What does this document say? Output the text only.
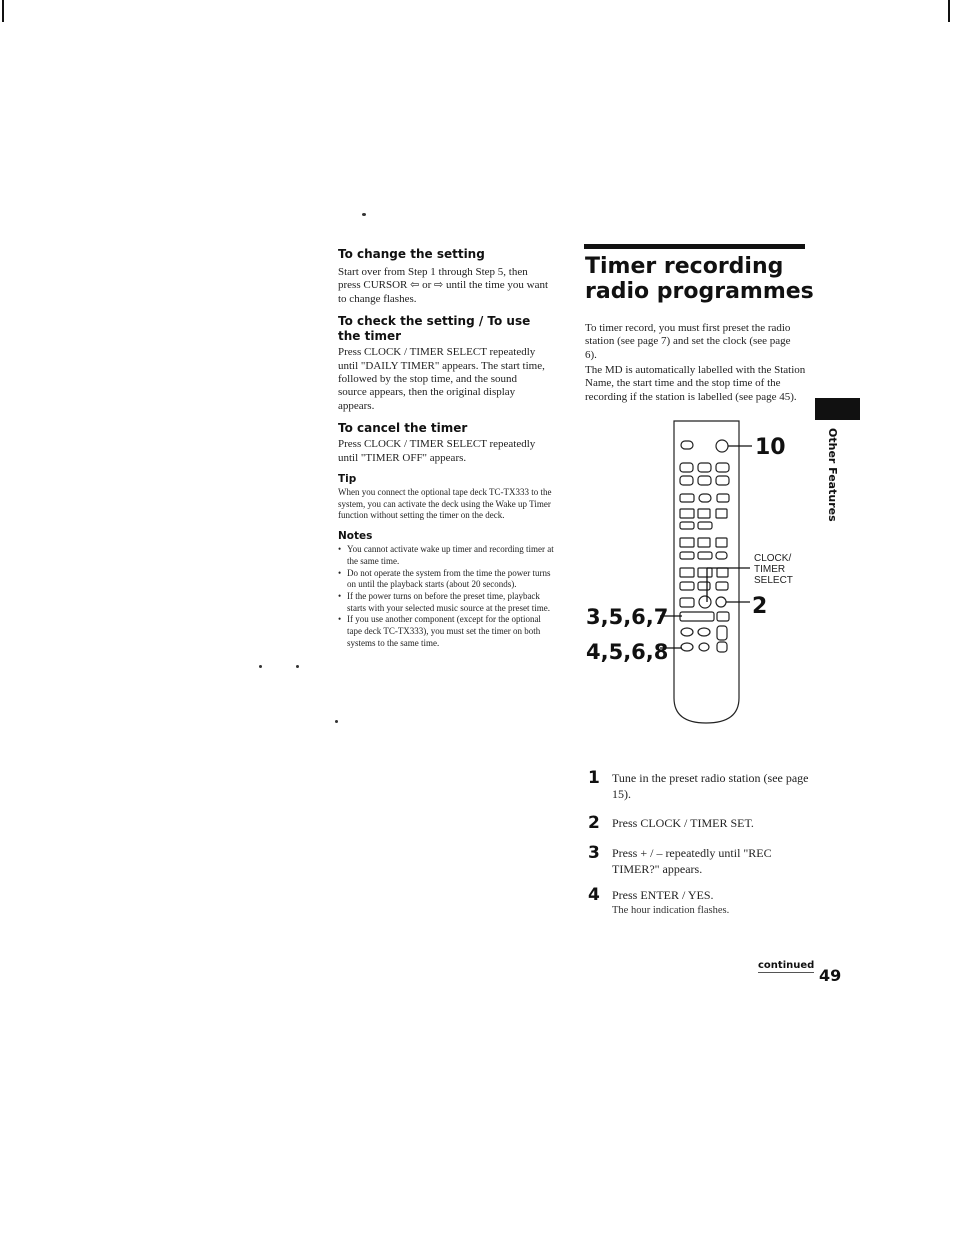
To change the setting
Start over from Step 1 through Step 5, then press CURSOR ⇦ or ⇨ until the time you want to change flashes.
To check the setting / To use the timer
Press CLOCK / TIMER SELECT repeatedly until "DAILY TIMER" appears. The start time, followed by the stop time, and the sound source appears, then the original display appears.
To cancel the timer
Press CLOCK / TIMER SELECT repeatedly until "TIMER OFF" appears.
Tip
When you connect the optional tape deck TC-TX333 to the system, you can activate the deck using the Wake up Timer function without setting the timer on the deck.
Notes
• You cannot activate wake up timer and recording timer at the same time.
• Do not operate the system from the time the power turns on until the playback starts (about 20 seconds).
• If the power turns on before the preset time, playback starts with your selected music source at the preset time.
• If you use another component (except for the optional tape deck TC-TX333), you must set the timer on both systems to the same time.
Timer recording
radio programmes
To timer record, you must first preset the radio station (see page 7) and set the clock (see page 6).
The MD is automatically labelled with the Station Name, the start time and the stop time of the recording if the station is labelled (see page 45).
10
2
3,5,6,7
4,5,6,8
CLOCK/
TIMER
SELECT
1 Tune in the preset radio station (see page 15).
2 Press CLOCK / TIMER SET.
3 Press + / – repeatedly until "REC TIMER?" appears.
4 Press ENTER / YES.
The hour indication flashes.
Other Features
continued
49
